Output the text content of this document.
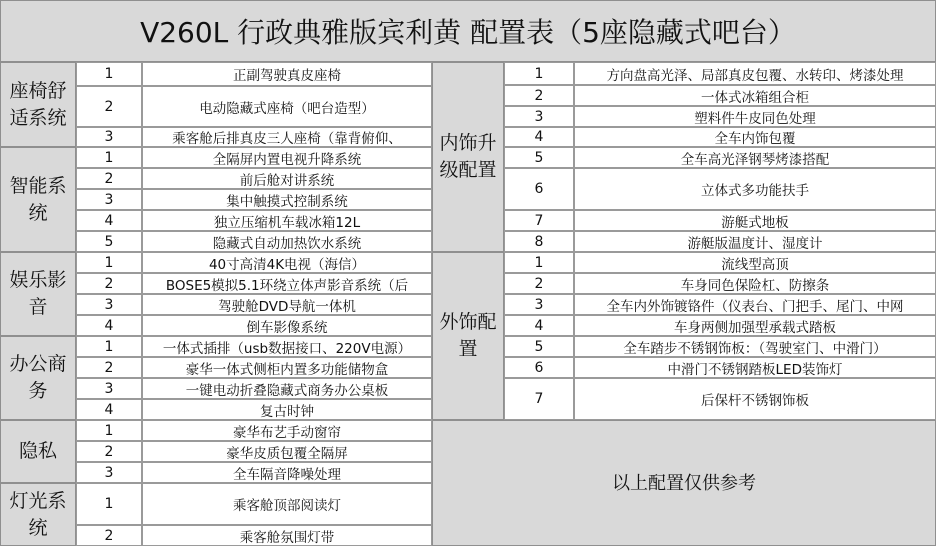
V260L 行政典雅版宾利黄 配置表（5座隐藏式吧台）
以上配置仅供参考
座椅舒适系统
1	正副驾驶真皮座椅
2	电动隐藏式座椅（吧台造型）
3	乘客舱后排真皮三人座椅（靠背俯仰、
智能系统
1	全隔屏内置电视升降系统
2	前后舱对讲系统
3	集中触摸式控制系统
4	独立压缩机车载冰箱12L
5	隐藏式自动加热饮水系统
娱乐影音
1	40寸高清4K电视（海信）
2	BOSE5模拟5.1环绕立体声影音系统（后
3	驾驶舱DVD导航一体机
4	倒车影像系统
办公商务
1	一体式插排（usb数据接口、220V电源）
2	豪华一体式侧柜内置多功能储物盒
3	一键电动折叠隐藏式商务办公桌板
4	复古时钟
隐私
1	豪华布艺手动窗帘
2	豪华皮质包覆全隔屏
3	全车隔音降噪处理
灯光系统
1	乘客舱顶部阅读灯
2	乘客舱氛围灯带
内饰升级配置
1	方向盘高光泽、局部真皮包覆、水转印、烤漆处理
2	一体式冰箱组合柜
3	塑料件牛皮同色处理
4	全车内饰包覆
5	全车高光泽钢琴烤漆搭配
6	立体式多功能扶手
7	游艇式地板
8	游艇版温度计、湿度计
外饰配置
1	流线型高顶
2	车身同色保险杠、防擦条
3	全车内外饰镀铬件（仪表台、门把手、尾门、中网
4	车身两侧加强型承载式踏板
5	全车踏步不锈钢饰板：（驾驶室门、中滑门）
6	中滑门不锈钢踏板LED装饰灯
7	后保杆不锈钢饰板
